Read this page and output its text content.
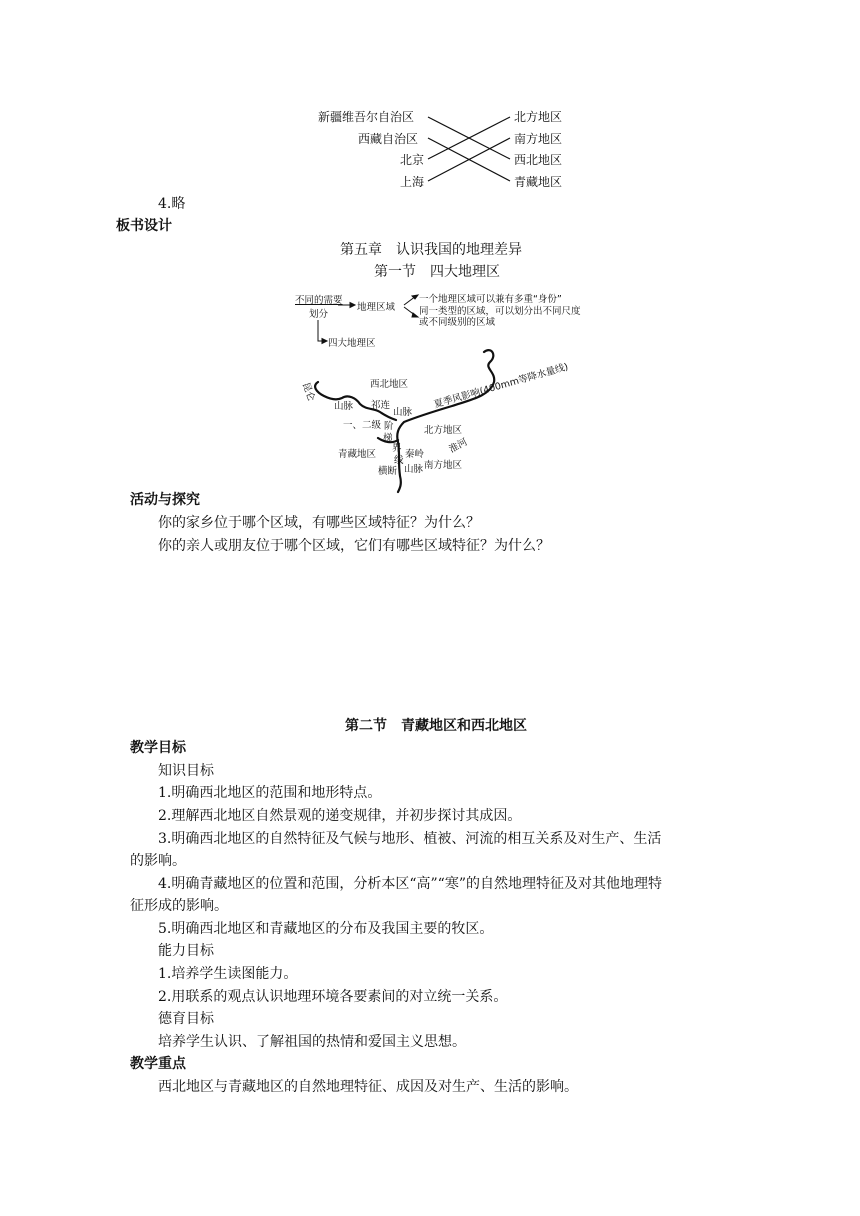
新疆维吾尔自治区
西藏自治区
北京
上海
北方地区
南方地区
西北地区
青藏地区
4.略
板书设计
第五章　认识我国的地理差异
第一节　四大地理区
不同的需要
划分
地理区域
一个地理区域可以兼有多重“身份”
同一类型的区域，可以划分出不同尺度
或不同级别的区域
四大地理区
西北地区
昆仑
山脉 祁连
山脉
夏季风影响(400mm等降水量线)
一、二级 阶
梯
界
线
北方地区
青藏地区	秦岭 淮河
横断 山脉 南方地区
活动与探究
你的家乡位于哪个区域，有哪些区域特征？为什么？
你的亲人或朋友位于哪个区域，它们有哪些区域特征？为什么？
第二节　青藏地区和西北地区
教学目标
知识目标
1.明确西北地区的范围和地形特点。
2.理解西北地区自然景观的递变规律，并初步探讨其成因。
3.明确西北地区的自然特征及气候与地形、植被、河流的相互关系及对生产、生活
的影响。
4.明确青藏地区的位置和范围，分析本区“高”“寒”的自然地理特征及对其他地理特
征形成的影响。
5.明确西北地区和青藏地区的分布及我国主要的牧区。
能力目标
1.培养学生读图能力。
2.用联系的观点认识地理环境各要素间的对立统一关系。
德育目标
培养学生认识、了解祖国的热情和爱国主义思想。
教学重点
西北地区与青藏地区的自然地理特征、成因及对生产、生活的影响。
